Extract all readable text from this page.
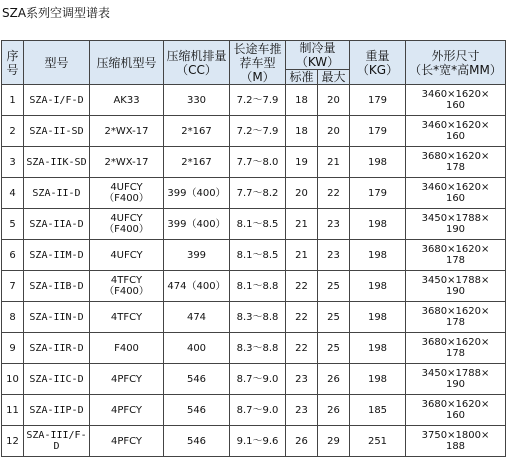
SZA系列空调型谱表
序
号	型号	压缩机型号	压缩机排量
（CC）	长途车推
荐车型
（M）	制冷量
（KW）		重量
（KG）	外形尺寸
（长*宽*高MM）
					标准	最大		
1	SZA-I/F-D	AK33	330	7.2～7.9	18	20	179	3460×1620×
160
2	SZA-II-SD	2*WX-17	2*167	7.2～7.9	18	20	179	3460×1620×
160
3	SZA-IIK-SD	2*WX-17	2*167	7.7～8.0	19	21	198	3680×1620×
178
4	SZA-II-D	4UFCY
（F400）	399（400）	7.7～8.2	20	22	179	3460×1620×
160
5	SZA-IIA-D	4UFCY
（F400）	399（400）	8.1～8.5	21	23	198	3450×1788×
190
6	SZA-IIM-D	4UFCY	399	8.1～8.5	21	23	198	3680×1620×
178
7	SZA-IIB-D	4TFCY
（F400）	474（400）	8.1～8.8	22	25	198	3450×1788×
190
8	SZA-IIN-D	4TFCY	474	8.3～8.8	22	25	198	3680×1620×
178
9	SZA-IIR-D	F400	400	8.3～8.8	22	25	198	3680×1620×
178
10	SZA-IIC-D	4PFCY	546	8.7～9.0	23	26	198	3450×1788×
190
11	SZA-IIP-D	4PFCY	546	8.7～9.0	23	26	185	3680×1620×
160
12	SZA-III/F-
D	4PFCY	546	9.1～9.6	26	29	251	3750×1800×
188
